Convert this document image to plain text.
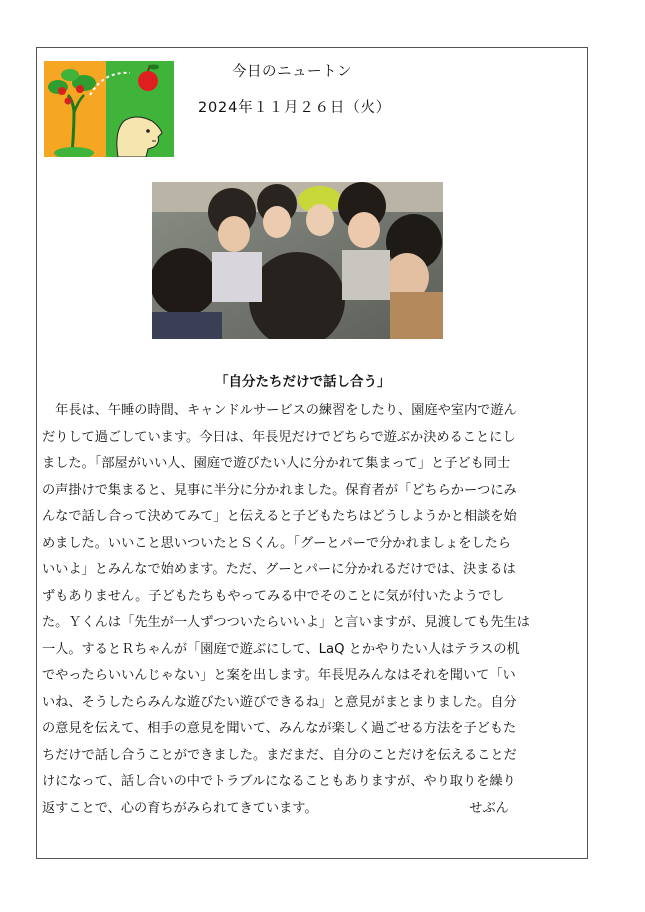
今日のニュートン
2024年１１月２６日（火）
「自分たちだけで話し合う」
　年長は、午睡の時間、キャンドルサービスの練習をしたり、園庭や室内で遊ん
だりして過ごしています。今日は、年長児だけでどちらで遊ぶか決めることにし
ました。「部屋がいい人、園庭で遊びたい人に分かれて集まって」と子ども同士
の声掛けで集まると、見事に半分に分かれました。保育者が「どちらかーつにみ
んなで話し合って決めてみて」と伝えると子どもたちはどうしようかと相談を始
めました。いいこと思いついたとＳくん。「グーとパーで分かれましょをしたら
いいよ」とみんなで始めます。ただ、グーとパーに分かれるだけでは、決まるは
ずもありません。子どもたちもやってみる中でそのことに気が付いたようでし
た。Ｙくんは「先生が一人ずつついたらいいよ」と言いますが、見渡しても先生は
一人。するとＲちゃんが「園庭で遊ぶにして、LaQ とかやりたい人はテラスの机
でやったらいいんじゃない」と案を出します。年長児みんなはそれを聞いて「い
いね、そうしたらみんな遊びたい遊びできるね」と意見がまとまりました。自分
の意見を伝えて、相手の意見を聞いて、みんなが楽しく過ごせる方法を子どもた
ちだけで話し合うことができました。まだまだ、自分のことだけを伝えることだ
けになって、話し合いの中でトラブルになることもありますが、やり取りを繰り
返すことで、心の育ちがみられてきています。　　　　　　　　　　　　せぶん
